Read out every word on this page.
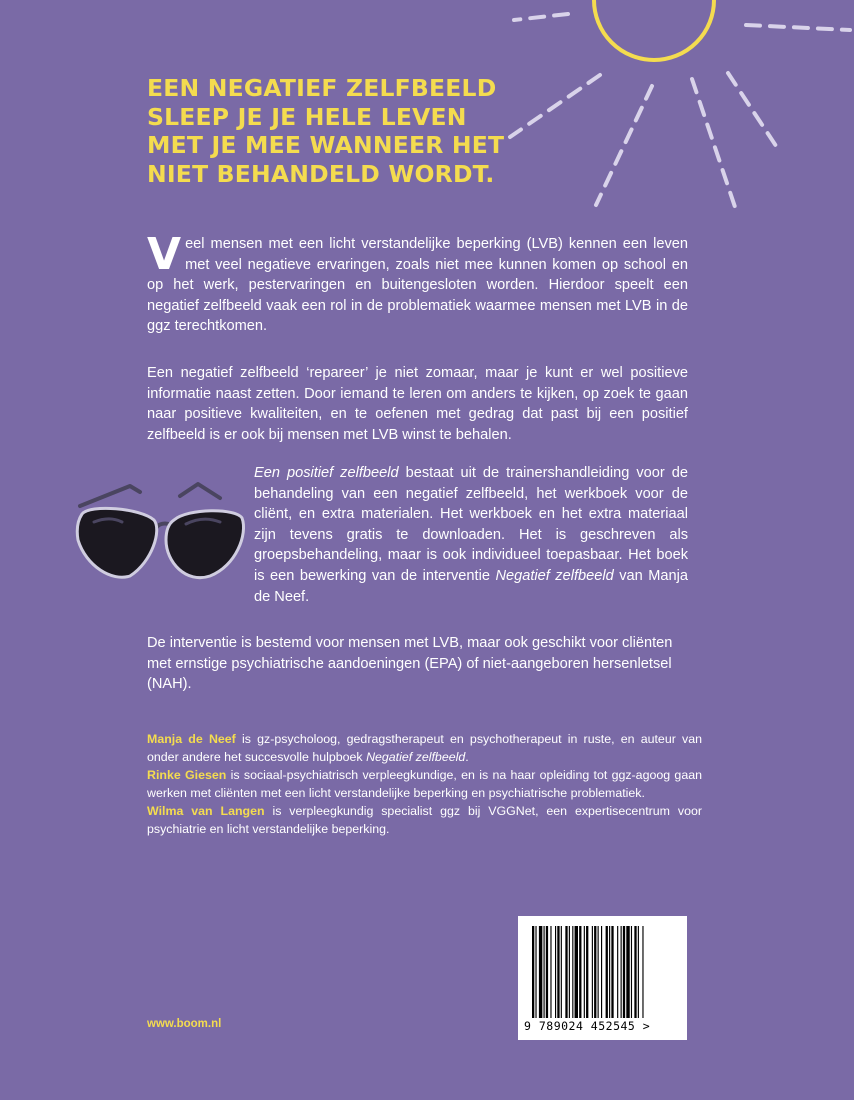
EEN NEGATIEF ZELFBEELD
SLEEP JE JE HELE LEVEN
MET JE MEE WANNEER HET
NIET BEHANDELD WORDT.

Veel mensen met een licht verstandelijke beperking (LVB) kennen een leven met veel negatieve ervaringen, zoals niet mee kunnen komen op school en op het werk, pestervaringen en buitengesloten worden. Hierdoor speelt een negatief zelfbeeld vaak een rol in de problematiek waarmee mensen met LVB in de ggz terechtkomen.

Een negatief zelfbeeld ‘repareer’ je niet zomaar, maar je kunt er wel positieve informatie naast zetten. Door iemand te leren om anders te kijken, op zoek te gaan naar positieve kwaliteiten, en te oefenen met gedrag dat past bij een positief zelfbeeld is er ook bij mensen met LVB winst te behalen.

Een positief zelfbeeld bestaat uit de trainershandleiding voor de behandeling van een negatief zelfbeeld, het werkboek voor de cliënt, en extra materialen. Het werkboek en het extra materiaal zijn tevens gratis te downloaden. Het is geschreven als groepsbehandeling, maar is ook individueel toepasbaar. Het boek is een bewerking van de interventie Negatief zelfbeeld van Manja de Neef.

De interventie is bestemd voor mensen met LVB, maar ook geschikt voor cliënten met ernstige psychiatrische aandoeningen (EPA) of niet-aangeboren hersenletsel (NAH).

Manja de Neef is gz-psycholoog, gedragstherapeut en psychotherapeut in ruste, en auteur van onder andere het succesvolle hulpboek Negatief zelfbeeld.

Rinke Giesen is sociaal-psychiatrisch verpleegkundige, en is na haar opleiding tot ggz-agoog gaan werken met cliënten met een licht verstandelijke beperking en psychiatrische problematiek.

Wilma van Langen is verpleegkundig specialist ggz bij VGGNet, een expertisecentrum voor psychiatrie en licht verstandelijke beperking.

www.boom.nl	9 789024 452545 >
